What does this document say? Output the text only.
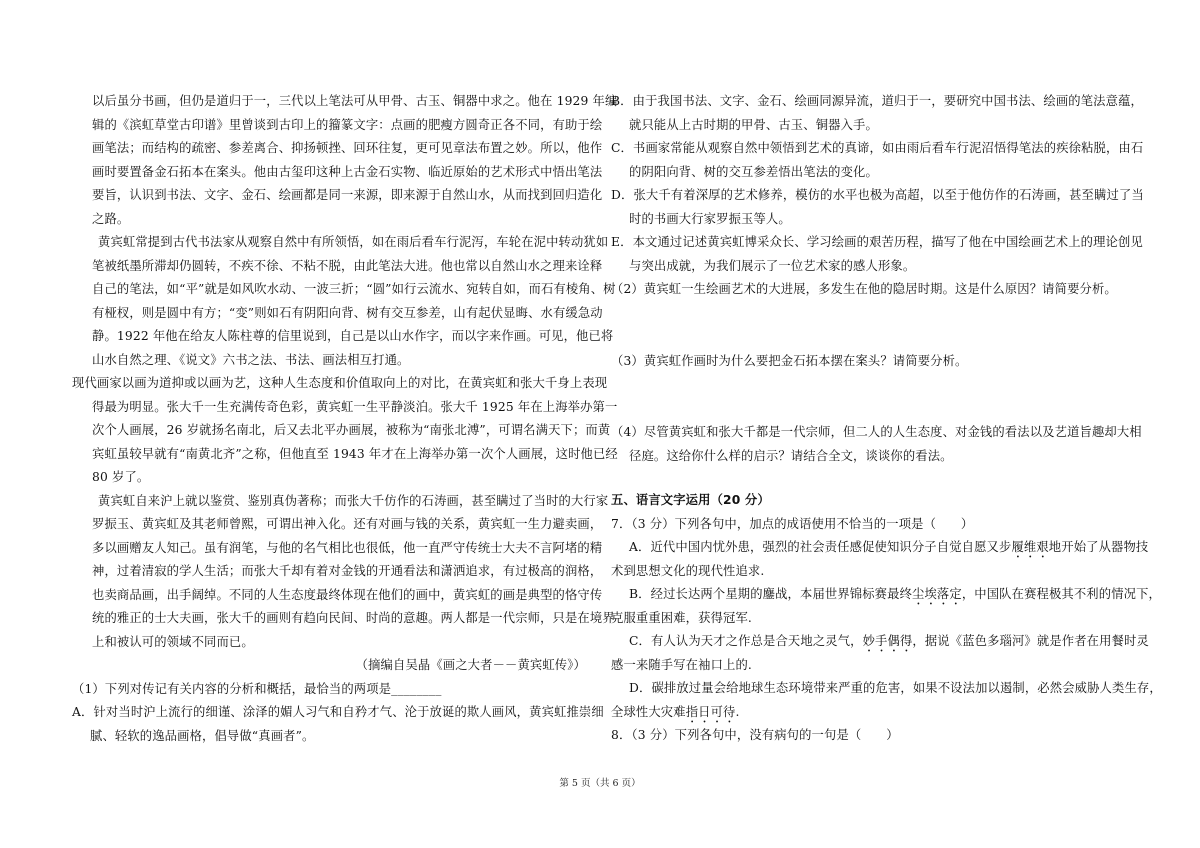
以后虽分书画，但仍是道归于一，三代以上笔法可从甲骨、古玉、铜器中求之。他在 1929 年编
辑的《滨虹草堂古印谱》里曾谈到古印上的籀篆文字：点画的肥瘦方圆奇正各不同，有助于绘
画笔法；而结构的疏密、参差离合、抑扬顿挫、回环往复，更可见章法布置之妙。所以，他作
画时要置备金石拓本在案头。他由古玺印这种上古金石实物、临近原始的艺术形式中悟出笔法
要旨，认识到书法、文字、金石、绘画都是同一来源，即来源于自然山水，从而找到回归造化
之路。
黄宾虹常提到古代书法家从观察自然中有所领悟，如在雨后看车行泥泻，车轮在泥中转动犹如
笔被纸墨所滞却仍圆转，不疾不徐、不粘不脱，由此笔法大进。他也常以自然山水之理来诠释
自己的笔法，如“平”就是如风吹水动、一波三折；“圆”如行云流水、宛转自如，而石有棱角、树
有桠杈，则是圆中有方；“变”则如石有阴阳向背、树有交互参差，山有起伏显晦、水有缓急动
静。1922 年他在给友人陈柱尊的信里说到，自己是以山水作字，而以字来作画。可见，他已将
山水自然之理、《说文》六书之法、书法、画法相互打通。
现代画家以画为道抑或以画为艺，这种人生态度和价值取向上的对比，在黄宾虹和张大千身上表现
得最为明显。张大千一生充满传奇色彩，黄宾虹一生平静淡泊。张大千 1925 年在上海举办第一
次个人画展，26 岁就扬名南北，后又去北平办画展，被称为“南张北溥”，可谓名满天下；而黄
宾虹虽较早就有“南黄北齐”之称，但他直至 1943 年才在上海举办第一次个人画展，这时他已经
80 岁了。
黄宾虹自来沪上就以鉴赏、鉴别真伪著称；而张大千仿作的石涛画，甚至瞒过了当时的大行家
罗振玉、黄宾虹及其老师曾熙，可谓出神入化。还有对画与钱的关系，黄宾虹一生力避卖画，
多以画赠友人知己。虽有润笔，与他的名气相比也很低，他一直严守传统士大夫不言阿堵的精
神，过着清寂的学人生活；而张大千却有着对金钱的开通看法和潇洒追求，有过极高的润格，
也卖商品画，出手阔绰。不同的人生态度最终体现在他们的画中，黄宾虹的画是典型的恪守传
统的雅正的士大夫画，张大千的画则有趋向民间、时尚的意趣。两人都是一代宗师，只是在境界
上和被认可的领域不同而已。
（摘编自吴晶《画之大者－－黄宾虹传》）
（1）下列对传记有关内容的分析和概括，最恰当的两项是________
A．针对当时沪上流行的细谨、涂泽的媚人习气和自矜才气、沦于放诞的欺人画风，黄宾虹推崇细
腻、轻软的逸品画格，倡导做“真画者”。
B．由于我国书法、文字、金石、绘画同源异流，道归于一，要研究中国书法、绘画的笔法意蕴，
就只能从上古时期的甲骨、古玉、铜器入手。
C．书画家常能从观察自然中领悟到艺术的真谛，如由雨后看车行泥沼悟得笔法的疾徐粘脱，由石
的阴阳向背、树的交互参差悟出笔法的变化。
D．张大千有着深厚的艺术修养，模仿的水平也极为高超，以至于他仿作的石涛画，甚至瞒过了当
时的书画大行家罗振玉等人。
E．本文通过记述黄宾虹博采众长、学习绘画的艰苦历程，描写了他在中国绘画艺术上的理论创见
与突出成就，为我们展示了一位艺术家的感人形象。
（2）黄宾虹一生绘画艺术的大进展，多发生在他的隐居时期。这是什么原因？请简要分析。
（3）黄宾虹作画时为什么要把金石拓本摆在案头？请简要分析。
（4）尽管黄宾虹和张大千都是一代宗师，但二人的人生态度、对金钱的看法以及艺道旨趣却大相
径庭。这给你什么样的启示？请结合全文，谈谈你的看法。
五、语言文字运用（20 分）
7．（3 分）下列各句中，加点的成语使用不恰当的一项是（　　）
A．近代中国内忧外患，强烈的社会责任感促使知识分子自觉自愿又步履维艰地开始了从器物技
术到思想文化的现代性追求.
B．经过长达两个星期的鏖战，本届世界锦标赛最终尘埃落定，中国队在赛程极其不利的情况下，
克服重重困难，获得冠军.
C．有人认为天才之作总是合天地之灵气，妙手偶得，据说《蓝色多瑙河》就是作者在用餐时灵
感一来随手写在袖口上的.
D．碳排放过量会给地球生态环境带来严重的危害，如果不设法加以遏制，必然会威胁人类生存，
全球性大灾难指日可待.
8．（3 分）下列各句中，没有病句的一句是（　　）
第 5 页（共 6 页）
